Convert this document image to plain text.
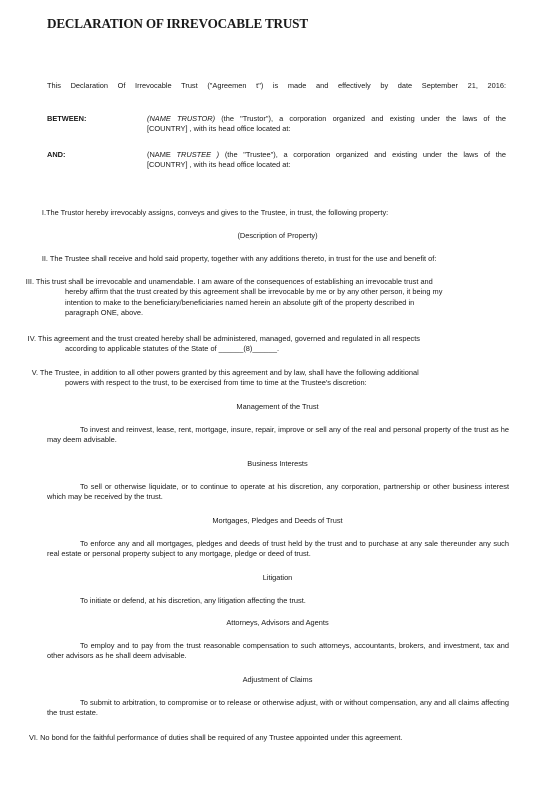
DECLARATION OF IRREVOCABLE TRUST

This Declaration Of Irrevocable Trust ("Agreemen t") is made and effectively by date September 21, 2016:

BETWEEN:	(NAME TRUSTOR) (the "Trustor"), a corporation organized and existing under the laws of the
[COUNTRY] , with its head office located at:
AND:	(NAME TRUSTEE ) (the "Trustee"), a corporation organized and existing under the laws of the
[COUNTRY] , with its head office located at:

I.The Trustor hereby irrevocably assigns, conveys and gives to the Trustee, in trust, the following property:

(Description of Property)

II. The Trustee shall receive and hold said property, together with any additions thereto, in trust for the use and benefit of:

III. This trust shall be irrevocable and unamendable. I am aware of the consequences of establishing an irrevocable trust and
hereby affirm that the trust created by this agreement shall be irrevocable by me or by any other person, it being my
intention to make to the beneficiary/beneficiaries named herein an absolute gift of the property described in
paragraph ONE, above.

IV. This agreement and the trust created hereby shall be administered, managed, governed and regulated in all respects
according to applicable statutes of the State of ______(8)______.

V. The Trustee, in addition to all other powers granted by this agreement and by law, shall have the following additional
powers with respect to the trust, to be exercised from time to time at the Trustee's discretion:

Management of the Trust

To invest and reinvest, lease, rent, mortgage, insure, repair, improve or sell any of the real and personal property of the trust as he may deem advisable.

Business Interests

To sell or otherwise liquidate, or to continue to operate at his discretion, any corporation, partnership or other business interest which may be received by the trust.

Mortgages, Pledges and Deeds of Trust

To enforce any and all mortgages, pledges and deeds of trust held by the trust and to purchase at any sale thereunder any such real estate or personal property subject to any mortgage, pledge or deed of trust.

Litigation

To initiate or defend, at his discretion, any litigation affecting the trust.

Attorneys, Advisors and Agents

To employ and to pay from the trust reasonable compensation to such attorneys, accountants, brokers, and investment, tax and other advisors as he shall deem advisable.

Adjustment of Claims

To submit to arbitration, to compromise or to release or otherwise adjust, with or without compensation, any and all claims affecting the trust estate.

VI. No bond for the faithful performance of duties shall be required of any Trustee appointed under this agreement.
